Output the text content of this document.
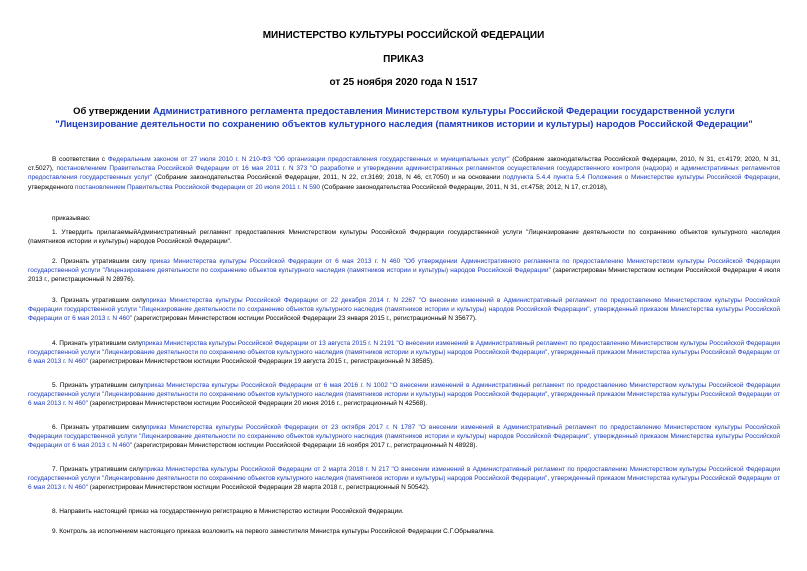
МИНИСТЕРСТВО КУЛЬТУРЫ РОССИЙСКОЙ ФЕДЕРАЦИИ
ПРИКАЗ
от 25 ноября 2020 года N 1517
Об утверждении Административного регламента предоставления Министерством культуры Российской Федерации государственной услуги "Лицензирование деятельности по сохранению объектов культурного наследия (памятников истории и культуры) народов Российской Федерации"
В соответствии с Федеральным законом от 27 июля 2010 г. N 210-ФЗ "Об организации предоставления государственных и муниципальных услуг" (Собрание законодательства Российской Федерации, 2010, N 31, ст.4179; 2020, N 31, ст.5027), постановлением Правительства Российской Федерации от 16 мая 2011 г. N 373 "О разработке и утверждении административных регламентов осуществления государственного контроля (надзора) и административных регламентов предоставления государственных услуг" (Собрание законодательства Российской Федерации, 2011, N 22, ст.3169; 2018, N 46, ст.7050) и на основании подпункта 5.4.4 пункта 5.4 Положения о Министерстве культуры Российской Федерации, утвержденного постановлением Правительства Российской Федерации от 20 июля 2011 г. N 590 (Собрание законодательства Российской Федерации, 2011, N 31, ст.4758; 2012, N 17, ст.2018),
приказываю:
1. Утвердить прилагаемыйАдминистративный регламент предоставления Министерством культуры Российской Федерации государственной услуги "Лицензирование деятельности по сохранению объектов культурного наследия (памятников истории и культуры) народов Российской Федерации".
2. Признать утратившим силу приказ Министерства культуры Российской Федерации от 6 мая 2013 г. N 460 "Об утверждении Административного регламента по предоставлению Министерством культуры Российской Федерации государственной услуги "Лицензирование деятельности по сохранению объектов культурного наследия (памятников истории и культуры) народов Российской Федерации" (зарегистрирован Министерством юстиции Российской Федерации 4 июля 2013 г., регистрационный N 28976).
3. Признать утратившим силуприказ Министерства культуры Российской Федерации от 22 декабря 2014 г. N 2267 "О внесении изменений в Административный регламент по предоставлению Министерством культуры Российской Федерации государственной услуги "Лицензирование деятельности по сохранению объектов культурного наследия (памятников истории и культуры) народов Российской Федерации", утвержденный приказом Министерства культуры Российской Федерации от 6 мая 2013 г. N 460" (зарегистрирован Министерством юстиции Российской Федерации 23 января 2015 г., регистрационный N 35677).
4. Признать утратившим силуприказ Министерства культуры Российской Федерации от 13 августа 2015 г. N 2191 "О внесении изменений в Административный регламент по предоставлению Министерством культуры Российской Федерации государственной услуги "Лицензирование деятельности по сохранению объектов культурного наследия (памятников истории и культуры) народов Российской Федерации", утвержденный приказом Министерства культуры Российской Федерации от 6 мая 2013 г. N 460" (зарегистрирован Министерством юстиции Российской Федерации 19 августа 2015 г., регистрационный N 38585).
5. Признать утратившим силуприказ Министерства культуры Российской Федерации от 6 мая 2016 г. N 1002 "О внесении изменений в Административный регламент по предоставлению Министерством культуры Российской Федерации государственной услуги "Лицензирование деятельности по сохранению объектов культурного наследия (памятников истории и культуры) народов Российской Федерации", утвержденный приказом Министерства культуры Российской Федерации от 6 мая 2013 г. N 460" (зарегистрирован Министерством юстиции Российской Федерации 20 июня 2016 г., регистрационный N 42568).
6. Признать утратившим силуприказ Министерства культуры Российской Федерации от 23 октября 2017 г. N 1787 "О внесении изменений в Административный регламент по предоставлению Министерством культуры Российской Федерации государственной услуги "Лицензирование деятельности по сохранению объектов культурного наследия (памятников истории и культуры) народов Российской Федерации", утвержденный приказом Министерства культуры Российской Федерации от 6 мая 2013 г. N 460" (зарегистрирован Министерством юстиции Российской Федерации 16 ноября 2017 г., регистрационный N 48928).
7. Признать утратившим силуприказ Министерства культуры Российской Федерации от 2 марта 2018 г. N 217 "О внесении изменений в Административный регламент по предоставлению Министерством культуры Российской Федерации государственной услуги "Лицензирование деятельности по сохранению объектов культурного наследия (памятников истории и культуры) народов Российской Федерации", утвержденный приказом Министерства культуры Российской Федерации от 6 мая 2013 г. N 460" (зарегистрирован Министерством юстиции Российской Федерации 28 марта 2018 г., регистрационный N 50542).
8. Направить настоящий приказ на государственную регистрацию в Министерство юстиции Российской Федерации.
9. Контроль за исполнением настоящего приказа возложить на первого заместителя Министра культуры Российской Федерации С.Г.Обрывалина.
